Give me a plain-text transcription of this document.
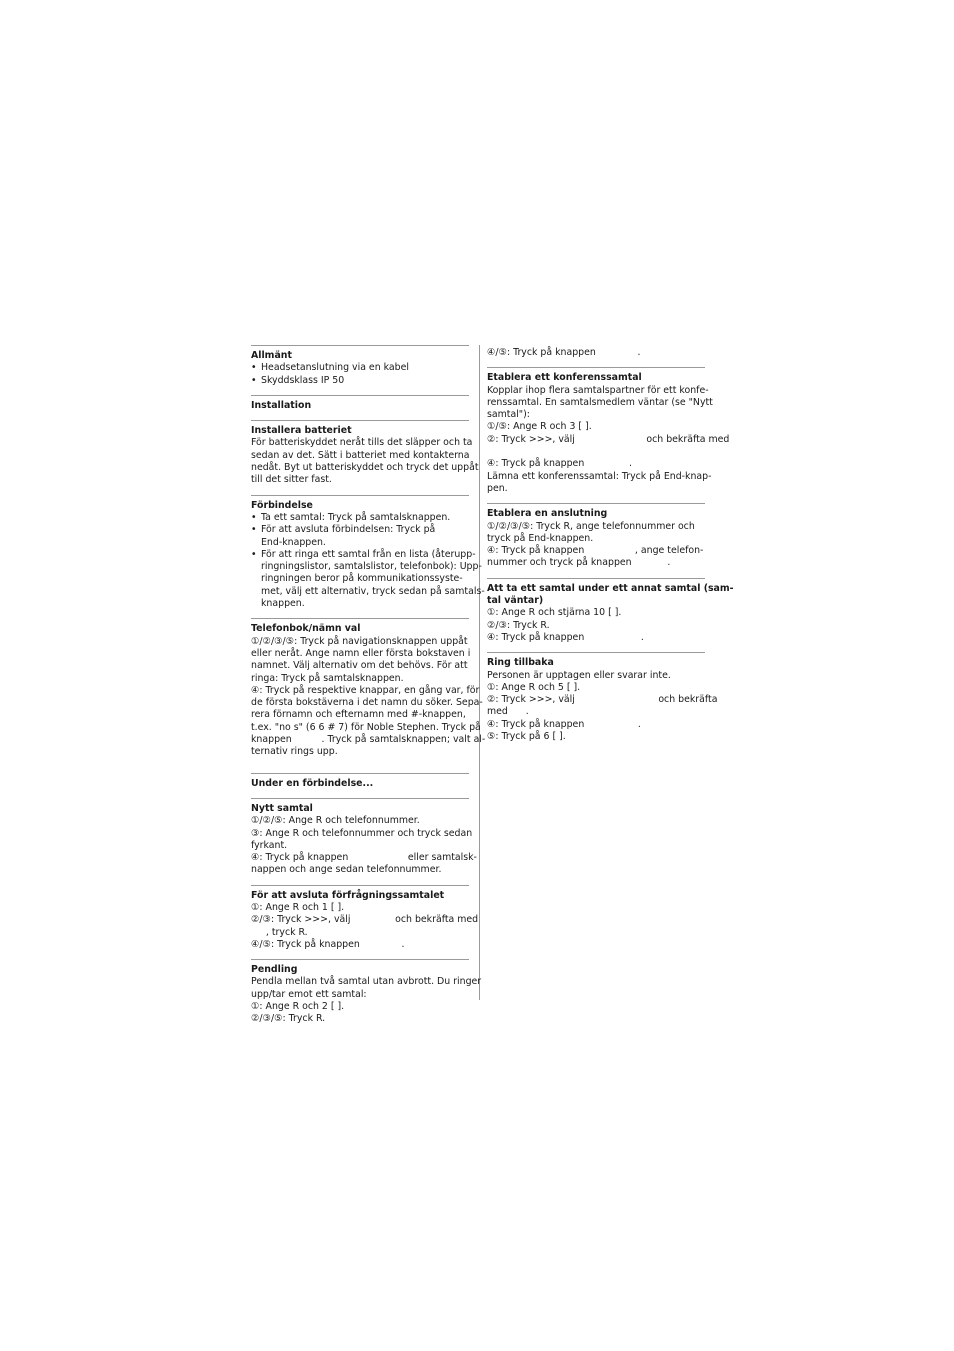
Allmänt
• Headsetanslutning via en kabel
• Skyddsklass IP 50
Installation
Installera batteriet
För batteriskyddet neråt tills det släpper och ta
sedan av det. Sätt i batteriet med kontakterna
nedåt. Byt ut batteriskyddet och tryck det uppåt
till det sitter fast.
Förbindelse
• Ta ett samtal: Tryck på samtalsknappen.
• För att avsluta förbindelsen: Tryck på
End-knappen.
• För att ringa ett samtal från en lista (återupp-
ringningslistor, samtalslistor, telefonbok): Upp-
ringningen beror på kommunikationssyste-
met, välj ett alternativ, tryck sedan på samtals-
knappen.
Telefonbok/nämn val
①/②/③/⑤: Tryck på navigationsknappen uppåt
eller neråt. Ange namn eller första bokstaven i
namnet. Välj alternativ om det behövs. För att
ringa: Tryck på samtalsknappen.
④: Tryck på respektive knappar, en gång var, för
de första bokstäverna i det namn du söker. Sepa-
rera förnamn och efternamn med #-knappen,
t.ex. "no s" (6 6 # 7) för Noble Stephen. Tryck på
knappen          . Tryck på samtalsknappen; valt al-
ternativ rings upp.
Under en förbindelse...
Nytt samtal
①/②/⑤: Ange R och telefonnummer.
③: Ange R och telefonnummer och tryck sedan
fyrkant.
④: Tryck på knappen                    eller samtalsk-
nappen och ange sedan telefonnummer.
För att avsluta förfrågningssamtalet
①: Ange R och 1 [ ].
②/③: Tryck >>>, välj               och bekräfta med
, tryck R.
④/⑤: Tryck på knappen              .
Pendling
Pendla mellan två samtal utan avbrott. Du ringer
upp/tar emot ett samtal:
①: Ange R och 2 [ ].
②/③/⑤: Tryck R.
④/⑤: Tryck på knappen              .
Etablera ett konferenssamtal
Kopplar ihop flera samtalspartner för ett konfe-
renssamtal. En samtalsmedlem väntar (se "Nytt
samtal"):
①/⑤: Ange R och 3 [ ].
②: Tryck >>>, välj                        och bekräfta med
④: Tryck på knappen               .
Lämna ett konferenssamtal: Tryck på End-knap-
pen.
Etablera en anslutning
①/②/③/⑤: Tryck R, ange telefonnummer och
tryck på End-knappen.
④: Tryck på knappen                 , ange telefon-
nummer och tryck på knappen            .
Att ta ett samtal under ett annat samtal (sam-
tal väntar)
①: Ange R och stjärna 10 [ ].
②/③: Tryck R.
④: Tryck på knappen                   .
Ring tillbaka
Personen är upptagen eller svarar inte.
①: Ange R och 5 [ ].
②: Tryck >>>, välj                            och bekräfta
med      .
④: Tryck på knappen                  .
⑤: Tryck på 6 [ ].
